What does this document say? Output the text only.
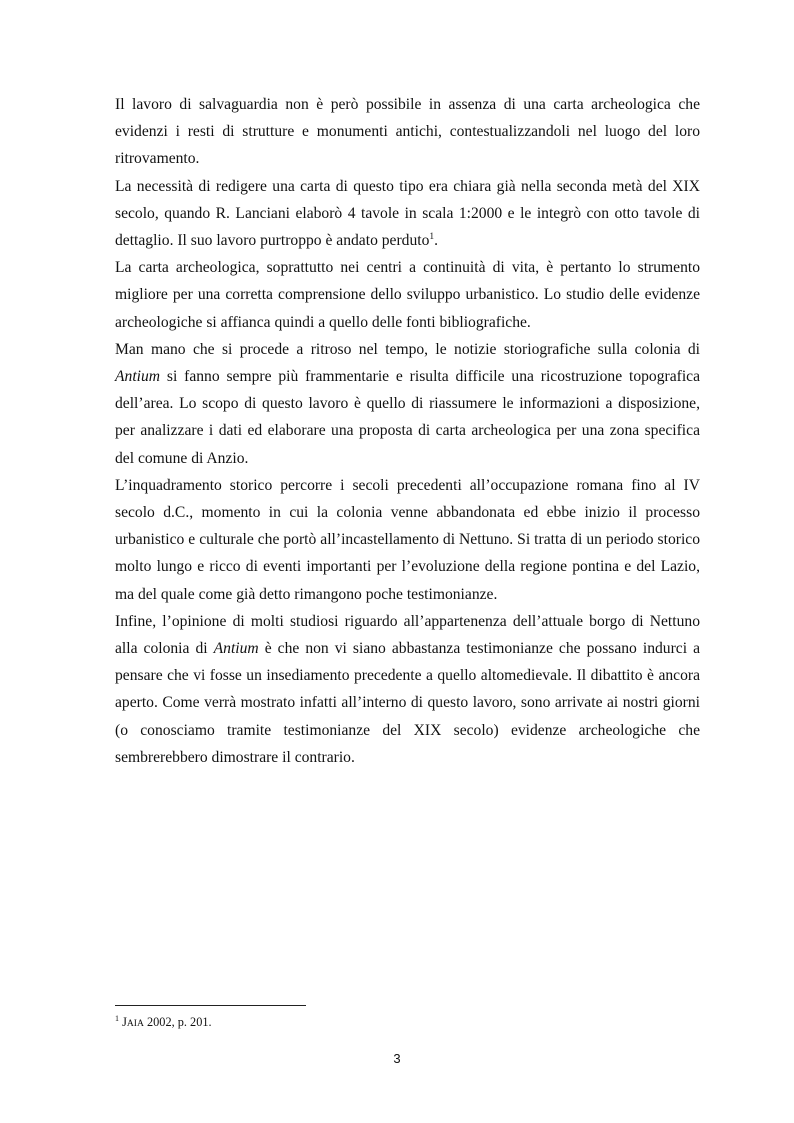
Il lavoro di salvaguardia non è però possibile in assenza di una carta archeologica che evidenzi i resti di strutture e monumenti antichi, contestualizzandoli nel luogo del loro ritrovamento.

La necessità di redigere una carta di questo tipo era chiara già nella seconda metà del XIX secolo, quando R. Lanciani elaborò 4 tavole in scala 1:2000 e le integrò con otto tavole di dettaglio. Il suo lavoro purtroppo è andato perduto$^1$.

La carta archeologica, soprattutto nei centri a continuità di vita, è pertanto lo strumento migliore per una corretta comprensione dello sviluppo urbanistico. Lo studio delle evidenze archeologiche si affianca quindi a quello delle fonti bibliografiche.

Man mano che si procede a ritroso nel tempo, le notizie storiografiche sulla colonia di Antium si fanno sempre più frammentarie e risulta difficile una ricostruzione topografica dell’area. Lo scopo di questo lavoro è quello di riassumere le informazioni a disposizione, per analizzare i dati ed elaborare una proposta di carta archeologica per una zona specifica del comune di Anzio.

L’inquadramento storico percorre i secoli precedenti all’occupazione romana fino al IV secolo d.C., momento in cui la colonia venne abbandonata ed ebbe inizio il processo urbanistico e culturale che portò all’incastellamento di Nettuno. Si tratta di un periodo storico molto lungo e ricco di eventi importanti per l’evoluzione della regione pontina e del Lazio, ma del quale come già detto rimangono poche testimonianze.

Infine, l’opinione di molti studiosi riguardo all’appartenenza dell’attuale borgo di Nettuno alla colonia di Antium è che non vi siano abbastanza testimonianze che possano indurci a pensare che vi fosse un insediamento precedente a quello altomedievale. Il dibattito è ancora aperto. Come verrà mostrato infatti all’interno di questo lavoro, sono arrivate ai nostri giorni (o conosciamo tramite testimonianze del XIX secolo) evidenze archeologiche che sembrerebbero dimostrare il contrario.

$^1$ JAIA 2002, p. 201.
3
